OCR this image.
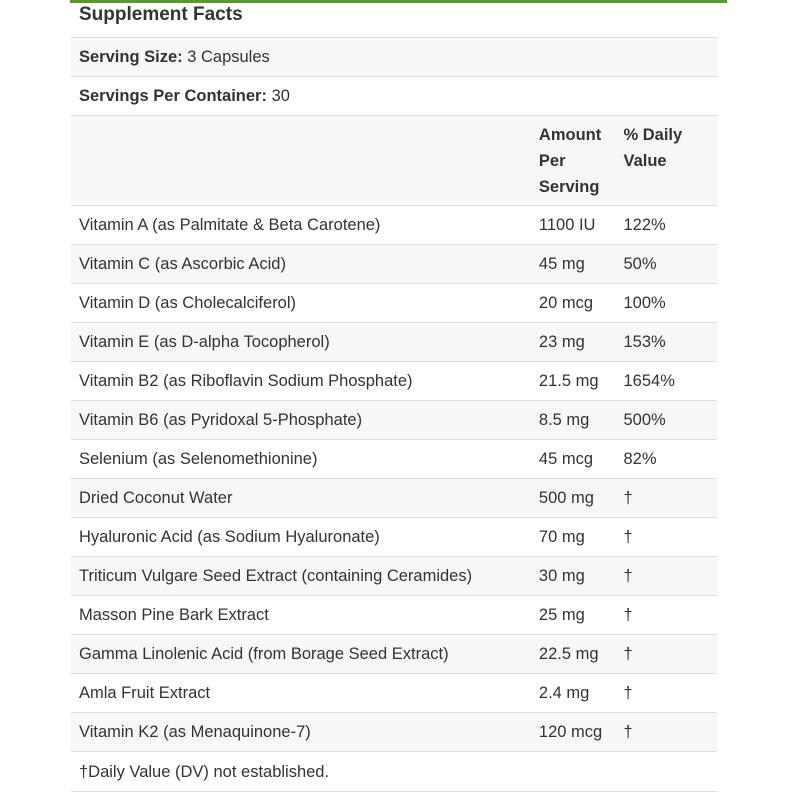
Supplement Facts		
Serving Size: 3 Capsules		
Servings Per Container: 30		
	Amount
Per
Serving	% Daily
Value
Vitamin A (as Palmitate & Beta Carotene)	1100 IU	122%
Vitamin C (as Ascorbic Acid)	45 mg	50%
Vitamin D (as Cholecalciferol)	20 mcg	100%
Vitamin E (as D-alpha Tocopherol)	23 mg	153%
Vitamin B2 (as Riboflavin Sodium Phosphate)	21.5 mg	1654%
Vitamin B6 (as Pyridoxal 5-Phosphate)	8.5 mg	500%
Selenium (as Selenomethionine)	45 mcg	82%
Dried Coconut Water	500 mg	†
Hyaluronic Acid (as Sodium Hyaluronate)	70 mg	†
Triticum Vulgare Seed Extract (containing Ceramides)	30 mg	†
Masson Pine Bark Extract	25 mg	†
Gamma Linolenic Acid (from Borage Seed Extract)	22.5 mg	†
Amla Fruit Extract	2.4 mg	†
Vitamin K2 (as Menaquinone-7)	120 mcg	†
†Daily Value (DV) not established.		
